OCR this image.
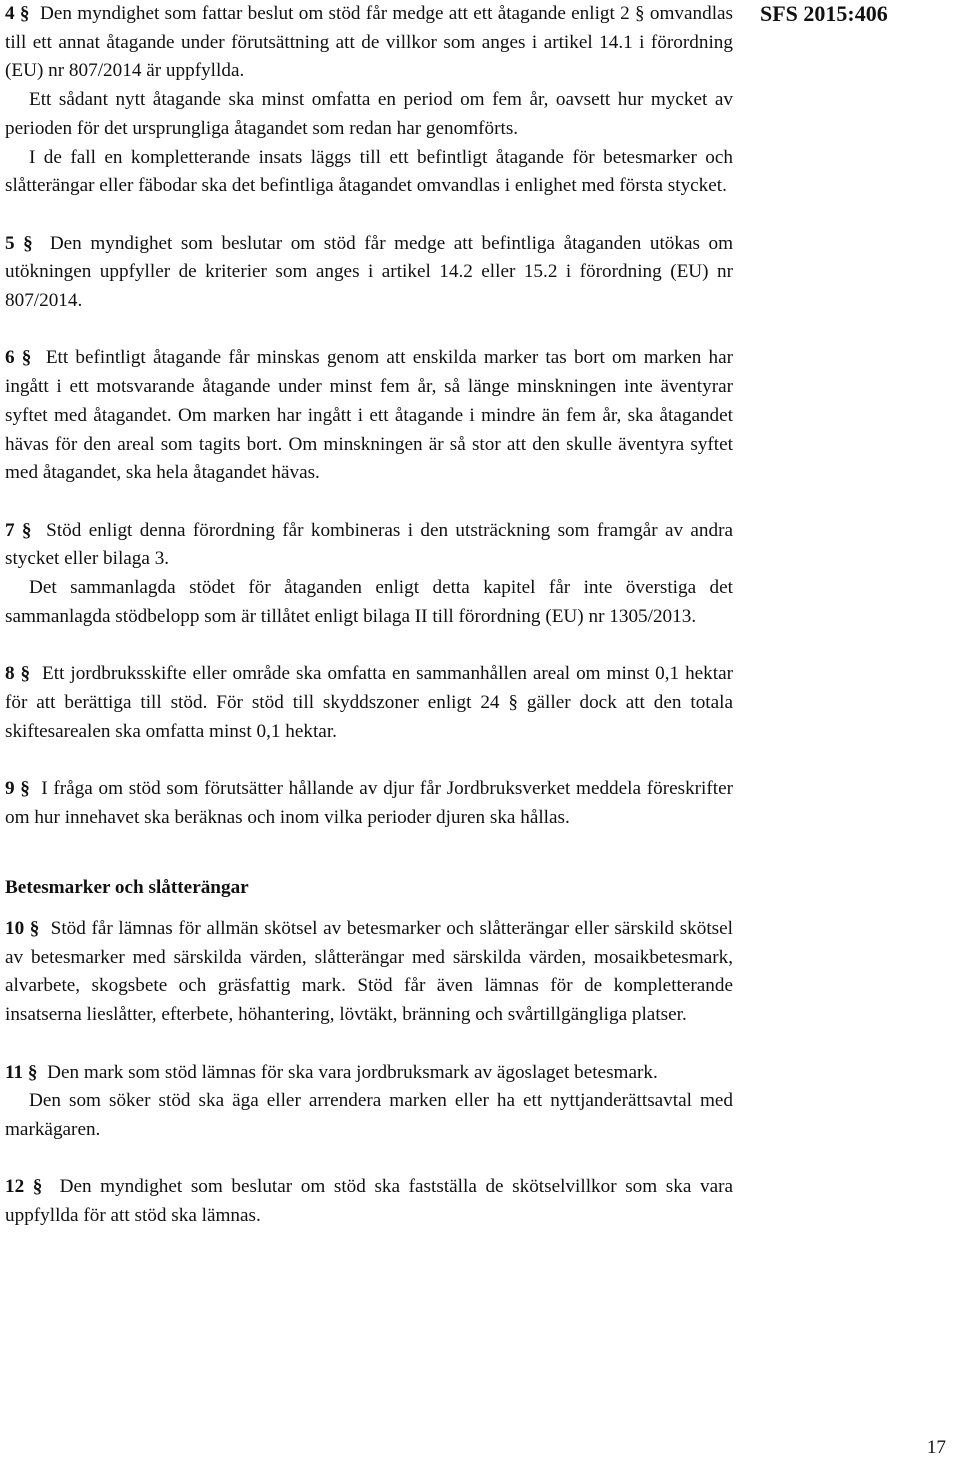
SFS 2015:406

4 § Den myndighet som fattar beslut om stöd får medge att ett åtagande enligt 2 § omvandlas till ett annat åtagande under förutsättning att de villkor som anges i artikel 14.1 i förordning (EU) nr 807/2014 är uppfyllda.

Ett sådant nytt åtagande ska minst omfatta en period om fem år, oavsett hur mycket av perioden för det ursprungliga åtagandet som redan har genomförts.

I de fall en kompletterande insats läggs till ett befintligt åtagande för betesmarker och slåtterängar eller fäbodar ska det befintliga åtagandet omvandlas i enlighet med första stycket.

5 § Den myndighet som beslutar om stöd får medge att befintliga åtaganden utökas om utökningen uppfyller de kriterier som anges i artikel 14.2 eller 15.2 i förordning (EU) nr 807/2014.

6 § Ett befintligt åtagande får minskas genom att enskilda marker tas bort om marken har ingått i ett motsvarande åtagande under minst fem år, så länge minskningen inte äventyrar syftet med åtagandet. Om marken har ingått i ett åtagande i mindre än fem år, ska åtagandet hävas för den areal som tagits bort. Om minskningen är så stor att den skulle äventyra syftet med åtagandet, ska hela åtagandet hävas.

7 § Stöd enligt denna förordning får kombineras i den utsträckning som framgår av andra stycket eller bilaga 3.

Det sammanlagda stödet för åtaganden enligt detta kapitel får inte överstiga det sammanlagda stödbelopp som är tillåtet enligt bilaga II till förordning (EU) nr 1305/2013.

8 § Ett jordbruksskifte eller område ska omfatta en sammanhållen areal om minst 0,1 hektar för att berättiga till stöd. För stöd till skyddszoner enligt 24 § gäller dock att den totala skiftesarealen ska omfatta minst 0,1 hektar.

9 § I fråga om stöd som förutsätter hållande av djur får Jordbruksverket meddela föreskrifter om hur innehavet ska beräknas och inom vilka perioder djuren ska hållas.

Betesmarker och slåtterängar

10 § Stöd får lämnas för allmän skötsel av betesmarker och slåtterängar eller särskild skötsel av betesmarker med särskilda värden, slåtterängar med särskilda värden, mosaikbetesmark, alvarbete, skogsbete och gräsfattig mark. Stöd får även lämnas för de kompletterande insatserna lieslåtter, efterbete, höhantering, lövtäkt, bränning och svårtillgängliga platser.

11 § Den mark som stöd lämnas för ska vara jordbruksmark av ägoslaget betesmark.

Den som söker stöd ska äga eller arrendera marken eller ha ett nyttjanderättsavtal med markägaren.

12 § Den myndighet som beslutar om stöd ska fastställa de skötselvillkor som ska vara uppfyllda för att stöd ska lämnas.

17
